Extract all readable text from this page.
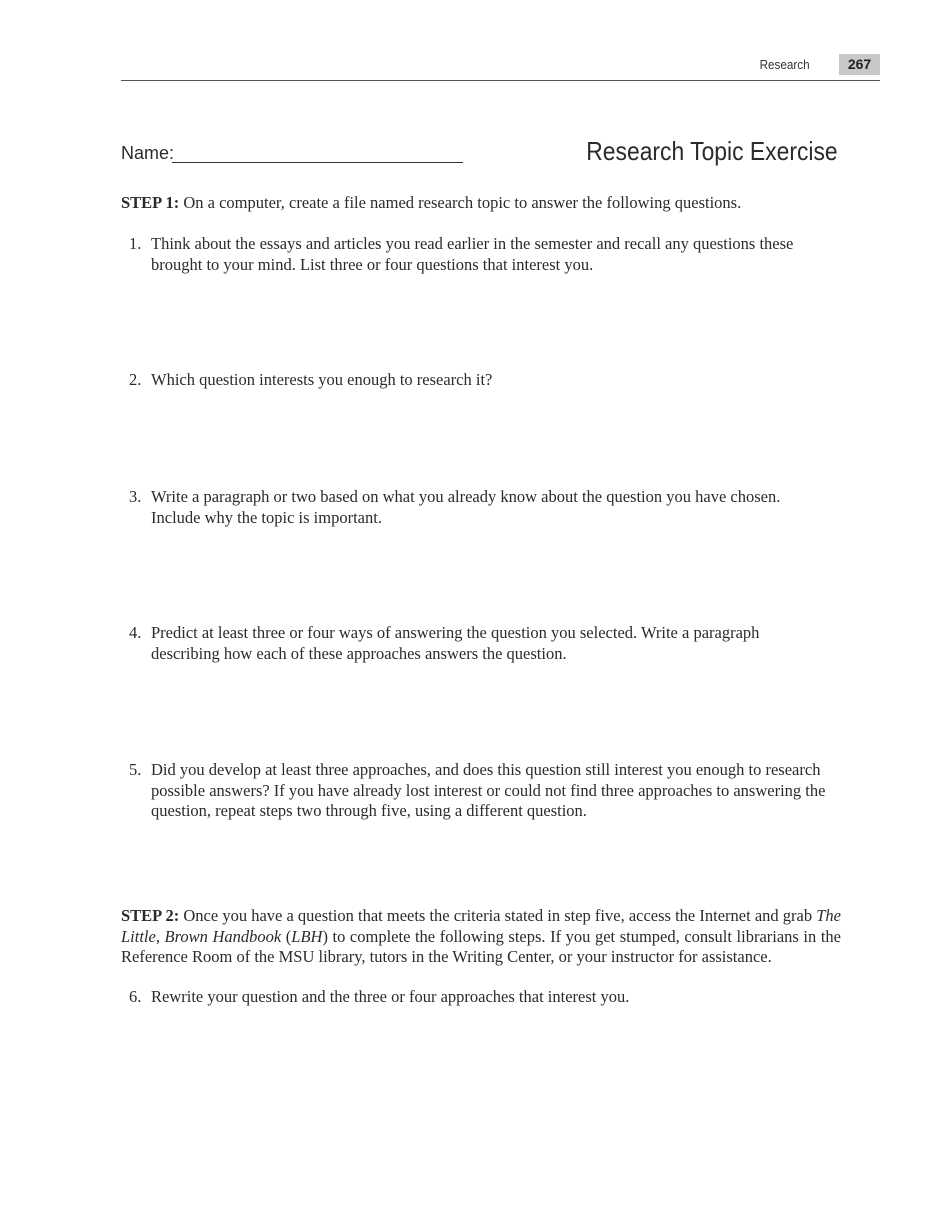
Research	267
Name:	Research Topic Exercise
STEP 1: On a computer, create a file named research topic to answer the following questions.
1. Think about the essays and articles you read earlier in the semester and recall any questions these brought to your mind. List three or four questions that interest you.
2. Which question interests you enough to research it?
3. Write a paragraph or two based on what you already know about the question you have chosen. Include why the topic is important.
4. Predict at least three or four ways of answering the question you selected. Write a paragraph describing how each of these approaches answers the question.
5. Did you develop at least three approaches, and does this question still interest you enough to research possible answers? If you have already lost interest or could not find three approaches to answering the question, repeat steps two through five, using a different question.
STEP 2: Once you have a question that meets the criteria stated in step five, access the Internet and grab The Little, Brown Handbook (LBH) to complete the following steps. If you get stumped, consult librarians in the Reference Room of the MSU library, tutors in the Writing Center, or your instructor for assistance.
6. Rewrite your question and the three or four approaches that interest you.
